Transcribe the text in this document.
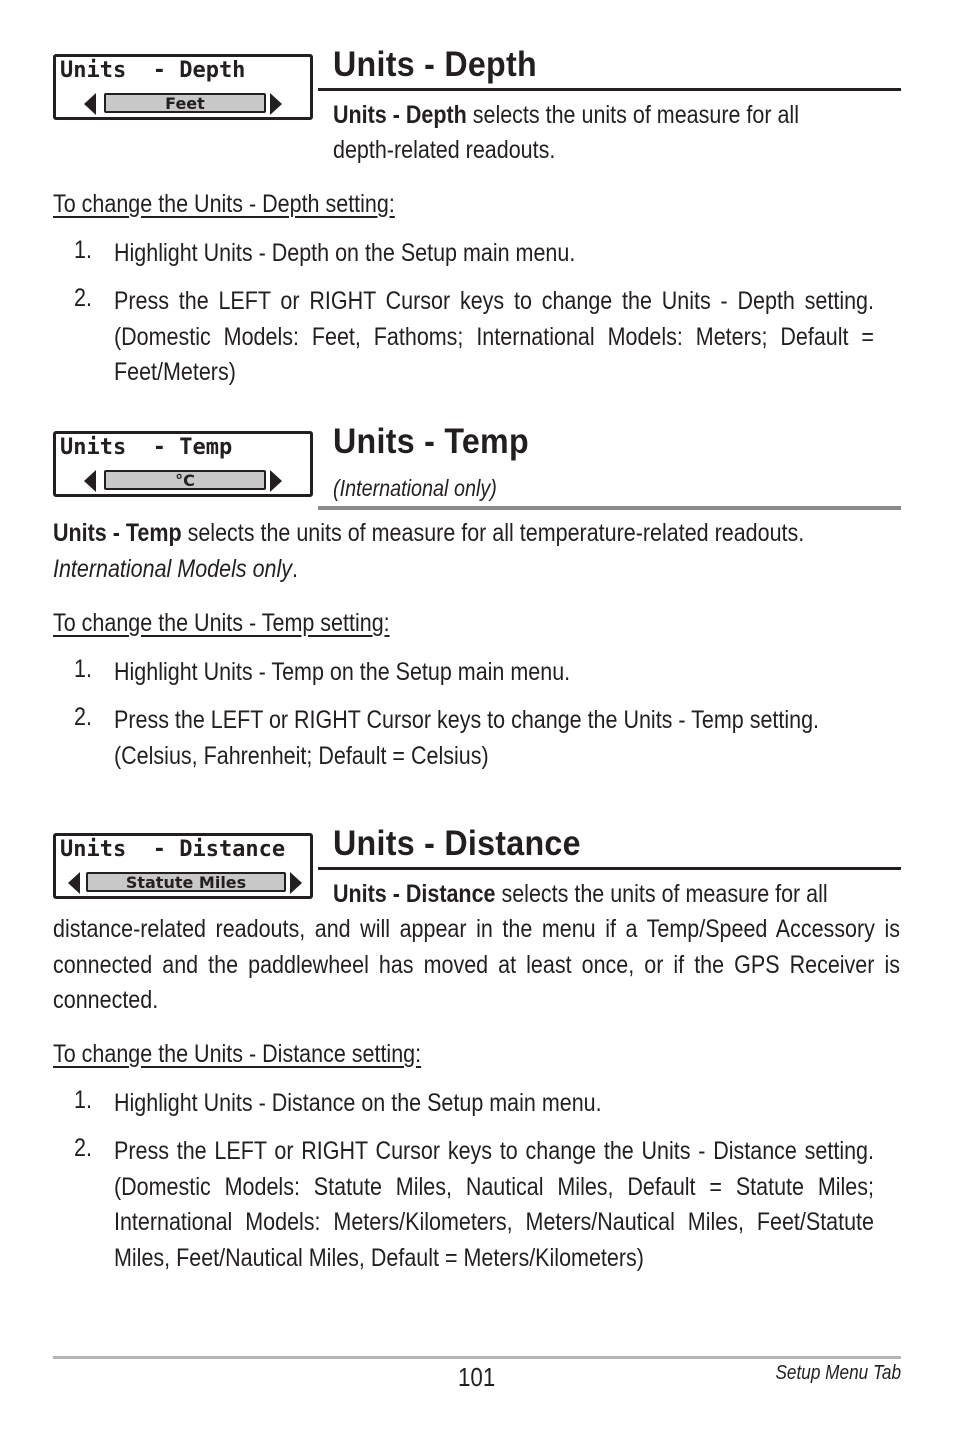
Units  - Depth
Feet
Units - Depth
Units - Depth selects the units of measure for all
depth-related readouts.
To change the Units - Depth setting:
1. Highlight Units - Depth on the Setup main menu.
2. Press the LEFT or RIGHT Cursor keys to change the Units - Depth setting. (Domestic Models: Feet, Fathoms; International Models: Meters; Default = Feet/Meters)
Units  - Temp
°C
Units - Temp
(International only)
Units - Temp selects the units of measure for all temperature-related readouts. International Models only.
To change the Units - Temp setting:
1. Highlight Units - Temp on the Setup main menu.
2. Press the LEFT or RIGHT Cursor keys to change the Units - Temp setting. (Celsius, Fahrenheit; Default = Celsius)
Units  - Distance
Statute Miles
Units - Distance
Units - Distance selects the units of measure for all
distance-related readouts, and will appear in the menu if a Temp/Speed Accessory is connected and the paddlewheel has moved at least once, or if the GPS Receiver is connected.
To change the Units - Distance setting:
1. Highlight Units - Distance on the Setup main menu.
2. Press the LEFT or RIGHT Cursor keys to change the Units - Distance setting. (Domestic Models: Statute Miles, Nautical Miles, Default = Statute Miles; International Models: Meters/Kilometers, Meters/Nautical Miles, Feet/Statute Miles, Feet/Nautical Miles, Default = Meters/Kilometers)
101	Setup Menu Tab
